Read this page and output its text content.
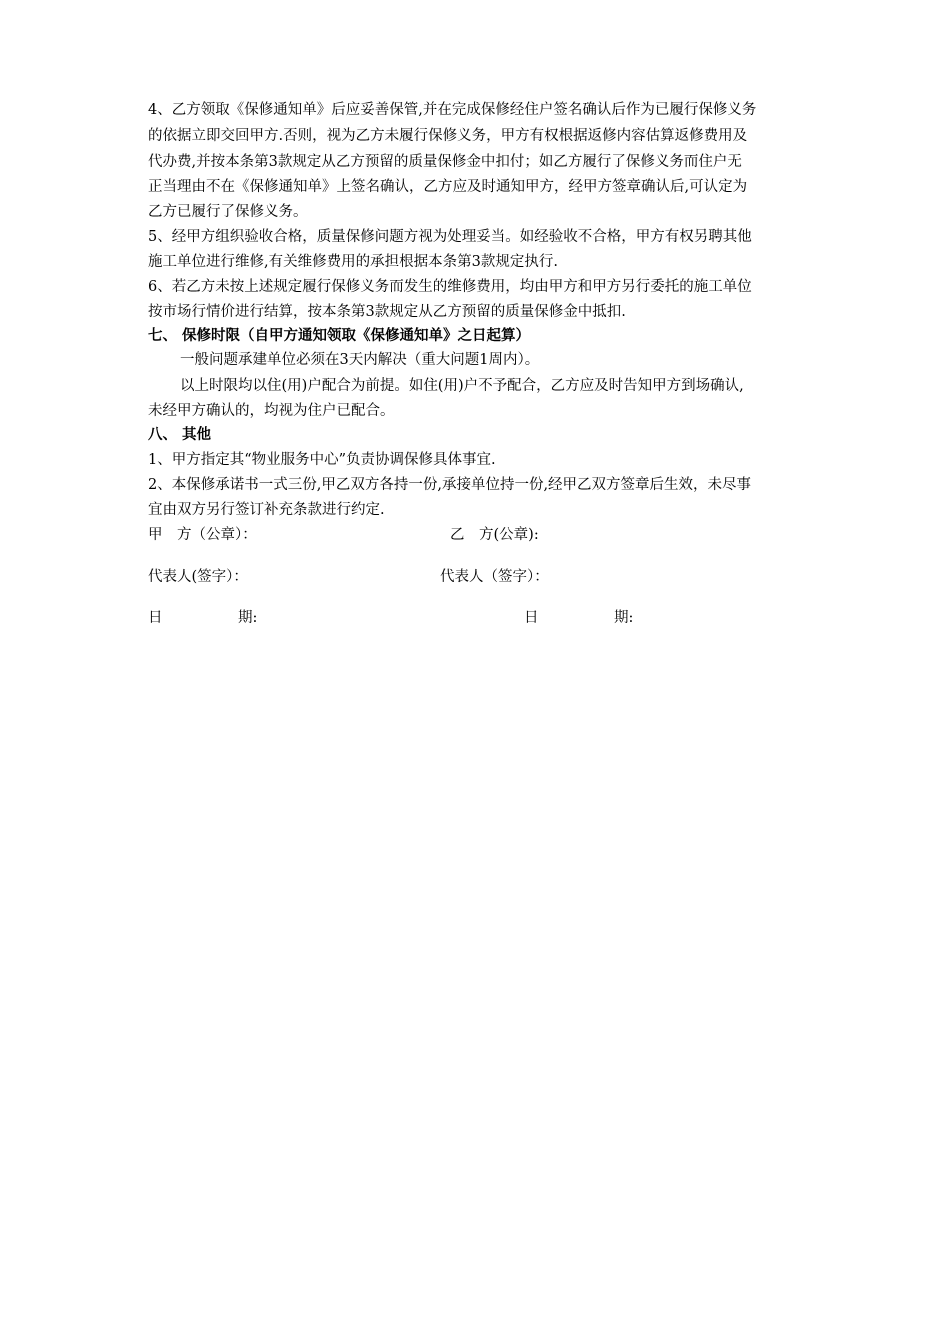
4、乙方领取《保修通知单》后应妥善保管,并在完成保修经住户签名确认后作为已履行保修义务
的依据立即交回甲方.否则，视为乙方未履行保修义务，甲方有权根据返修内容估算返修费用及
代办费,并按本条第3款规定从乙方预留的质量保修金中扣付；如乙方履行了保修义务而住户无
正当理由不在《保修通知单》上签名确认，乙方应及时通知甲方，经甲方签章确认后,可认定为
乙方已履行了保修义务。
5、经甲方组织验收合格，质量保修问题方视为处理妥当。如经验收不合格，甲方有权另聘其他
施工单位进行维修,有关维修费用的承担根据本条第3款规定执行.
6、若乙方未按上述规定履行保修义务而发生的维修费用，均由甲方和甲方另行委托的施工单位
按市场行情价进行结算，按本条第3款规定从乙方预留的质量保修金中抵扣.
七、 保修时限（自甲方通知领取《保修通知单》之日起算）
一般问题承建单位必须在3天内解决（重大问题1周内）。
以上时限均以住(用)户配合为前提。如住(用)户不予配合，乙方应及时告知甲方到场确认,
未经甲方确认的，均视为住户已配合。
八、 其他
1、甲方指定其“物业服务中心”负责协调保修具体事宜.
2、本保修承诺书一式三份,甲乙双方各持一份,承接单位持一份,经甲乙双方签章后生效，未尽事
宜由双方另行签订补充条款进行约定.
甲　方（公章）：	乙　方(公章):
代表人(签字）：	代表人（签字）：
日	期:	日	期:
